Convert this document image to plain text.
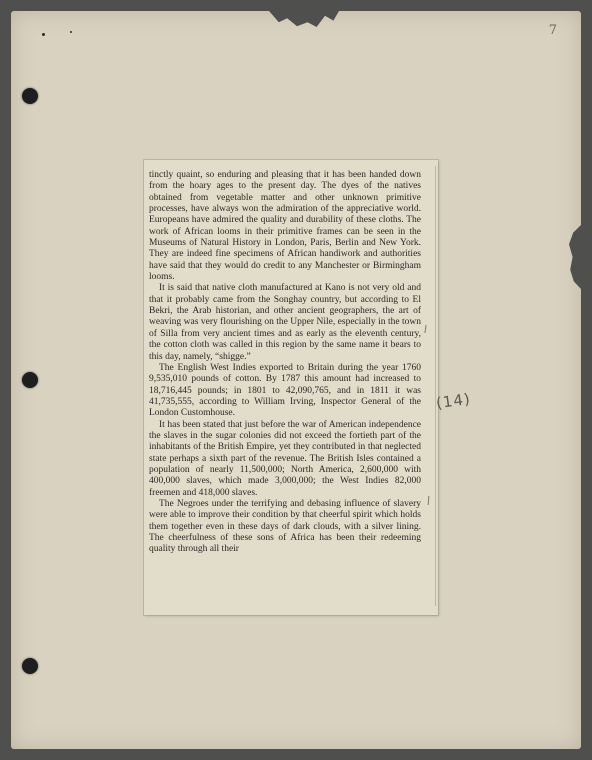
7

tinctly quaint, so enduring and pleasing that it has been handed down from the hoary ages to the present day. The dyes of the natives obtained from vegetable matter and other unknown primitive processes, have always won the admiration of the appreciative world. Europeans have admired the quality and durability of these cloths. The work of African looms in their primitive frames can be seen in the Museums of Natural History in London, Paris, Berlin and New York. They are indeed fine specimens of African handiwork and authorities have said that they would do credit to any Manchester or Birmingham looms.

It is said that native cloth manufactured at Kano is not very old and that it probably came from the Songhay country, but according to El Bekri, the Arab historian, and other ancient geographers, the art of weaving was very flourishing on the Upper Nile, especially in the town of Silla from very ancient times and as early as the eleventh century, the cotton cloth was called in this region by the same name it bears to this day, namely, “shigge.”

The English West Indies exported to Britain during the year 1760 9,535,010 pounds of cotton. By 1787 this amount had increased to 18,716,445 pounds; in 1801 to 42,090,765, and in 1811 it was 41,735,555, according to William Irving, Inspector General of the London Customhouse.

It has been stated that just before the war of American independence the slaves in the sugar colonies did not exceed the fortieth part of the inhabitants of the British Empire, yet they contributed in that neglected state perhaps a sixth part of the revenue. The British Isles contained a population of nearly 11,500,000; North America, 2,600,000 with 400,000 slaves, which made 3,000,000; the West Indies 82,000 freemen and 418,000 slaves.

The Negroes under the terrifying and debasing influence of slavery were able to improve their condition by that cheerful spirit which holds them together even in these days of dark clouds, with a silver lining. The cheerfulness of these sons of Africa has been their redeeming quality through all their

(14)
